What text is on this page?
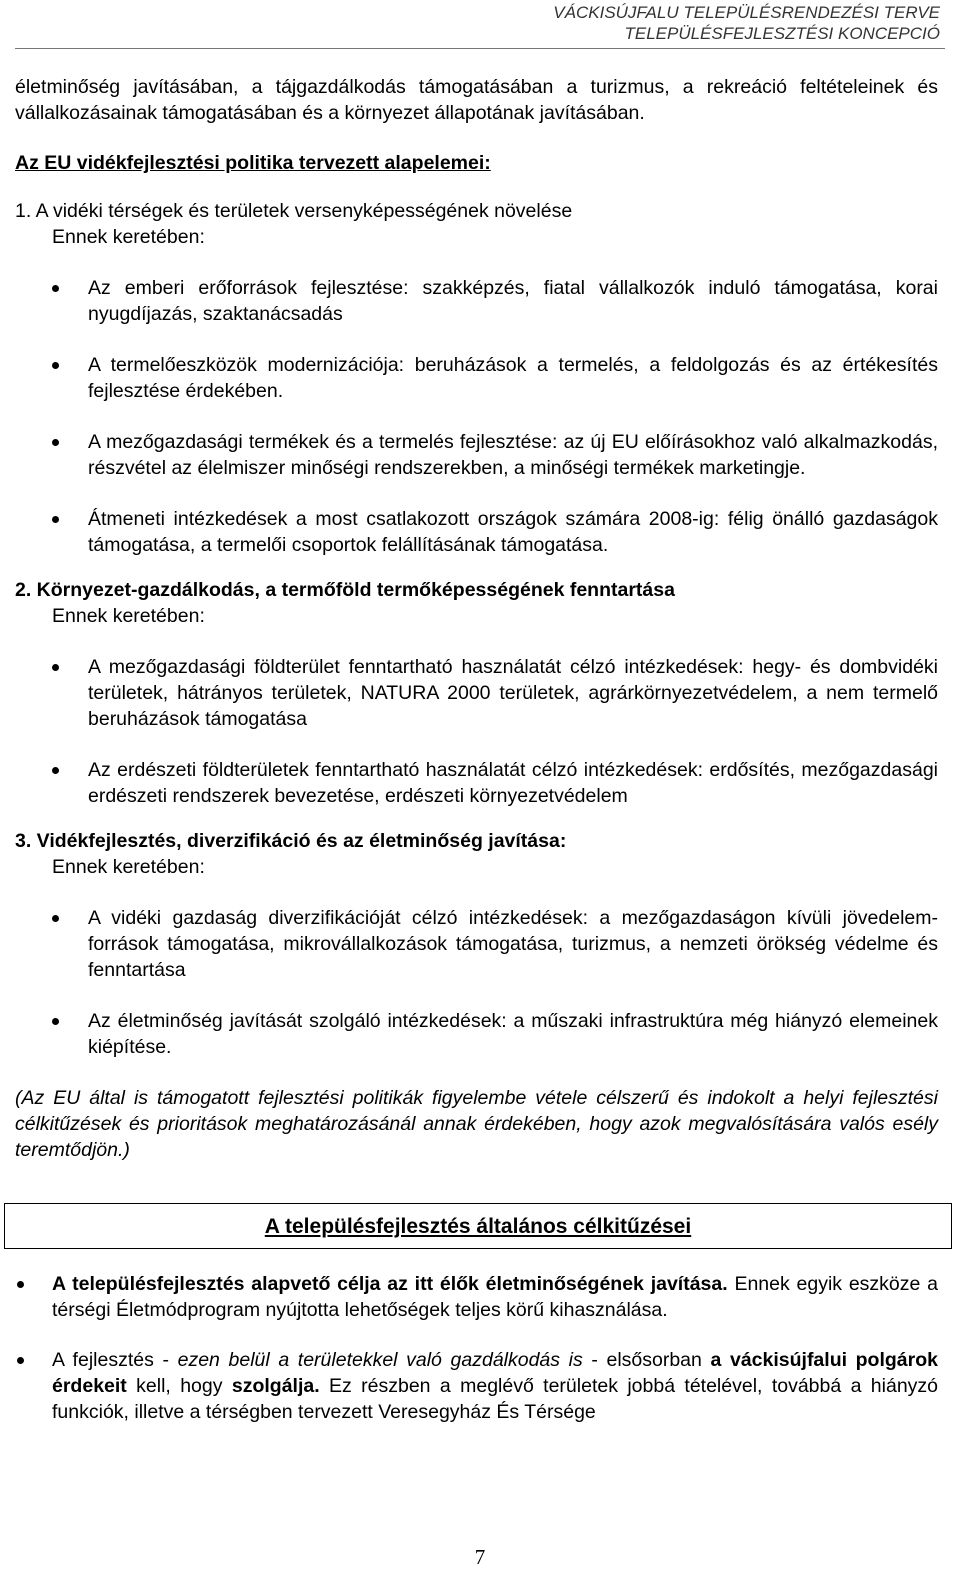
VÁCKISÚJFALU TELEPÜLÉSRENDEZÉSI TERVE
TELEPÜLÉSFEJLESZTÉSI KONCEPCIÓ

életminőség javításában, a tájgazdálkodás támogatásában a turizmus, a rekreáció feltételeinek és vállalkozásainak támogatásában és a környezet állapotának javításában.

Az EU vidékfejlesztési politika tervezett alapelemei:

1. A vidéki térségek és területek versenyképességének növelése

Ennek keretében:

Az emberi erőforrások fejlesztése: szakképzés, fiatal vállalkozók induló támogatása, korai nyugdíjazás, szaktanácsadás
A termelőeszközök modernizációja: beruházások a termelés, a feldolgozás és az értékesítés fejlesztése érdekében.
A mezőgazdasági termékek és a termelés fejlesztése: az új EU előírásokhoz való alkalmazkodás, részvétel az élelmiszer minőségi rendszerekben, a minőségi termékek marketingje.
Átmeneti intézkedések a most csatlakozott országok számára 2008-ig: félig önálló gazdaságok támogatása, a termelői csoportok felállításának támogatása.

2. Környezet-gazdálkodás, a termőföld termőképességének fenntartása

Ennek keretében:

A mezőgazdasági földterület fenntartható használatát célzó intézkedések: hegy- és dombvidéki területek, hátrányos területek, NATURA 2000 területek, agrárkörnyezetvédelem, a nem termelő beruházások támogatása
Az erdészeti földterületek fenntartható használatát célzó intézkedések: erdősítés, mezőgazdasági erdészeti rendszerek bevezetése, erdészeti környezetvédelem

3. Vidékfejlesztés, diverzifikáció és az életminőség javítása:

Ennek keretében:

A vidéki gazdaság diverzifikációját célzó intézkedések: a mezőgazdaságon kívüli jövedelem-források támogatása, mikrovállalkozások támogatása, turizmus, a nemzeti örökség védelme és fenntartása
Az életminőség javítását szolgáló intézkedések: a műszaki infrastruktúra még hiányzó elemeinek kiépítése.

(Az EU által is támogatott fejlesztési politikák figyelembe vétele célszerű és indokolt a helyi fejlesztési célkitűzések és prioritások meghatározásánál annak érdekében, hogy azok megvalósítására valós esély teremtődjön.)

A településfejlesztés általános célkitűzései
A településfejlesztés alapvető célja az itt élők életminőségének javítása. Ennek egyik eszköze a térségi Életmódprogram nyújtotta lehetőségek teljes körű kihasználása.
A fejlesztés - ezen belül a területekkel való gazdálkodás is - elsősorban a váckisújfalui polgárok érdekeit kell, hogy szolgálja. Ez részben a meglévő területek jobbá tételével, továbbá a hiányzó funkciók, illetve a térségben tervezett Veresegyház És Térsége
7
